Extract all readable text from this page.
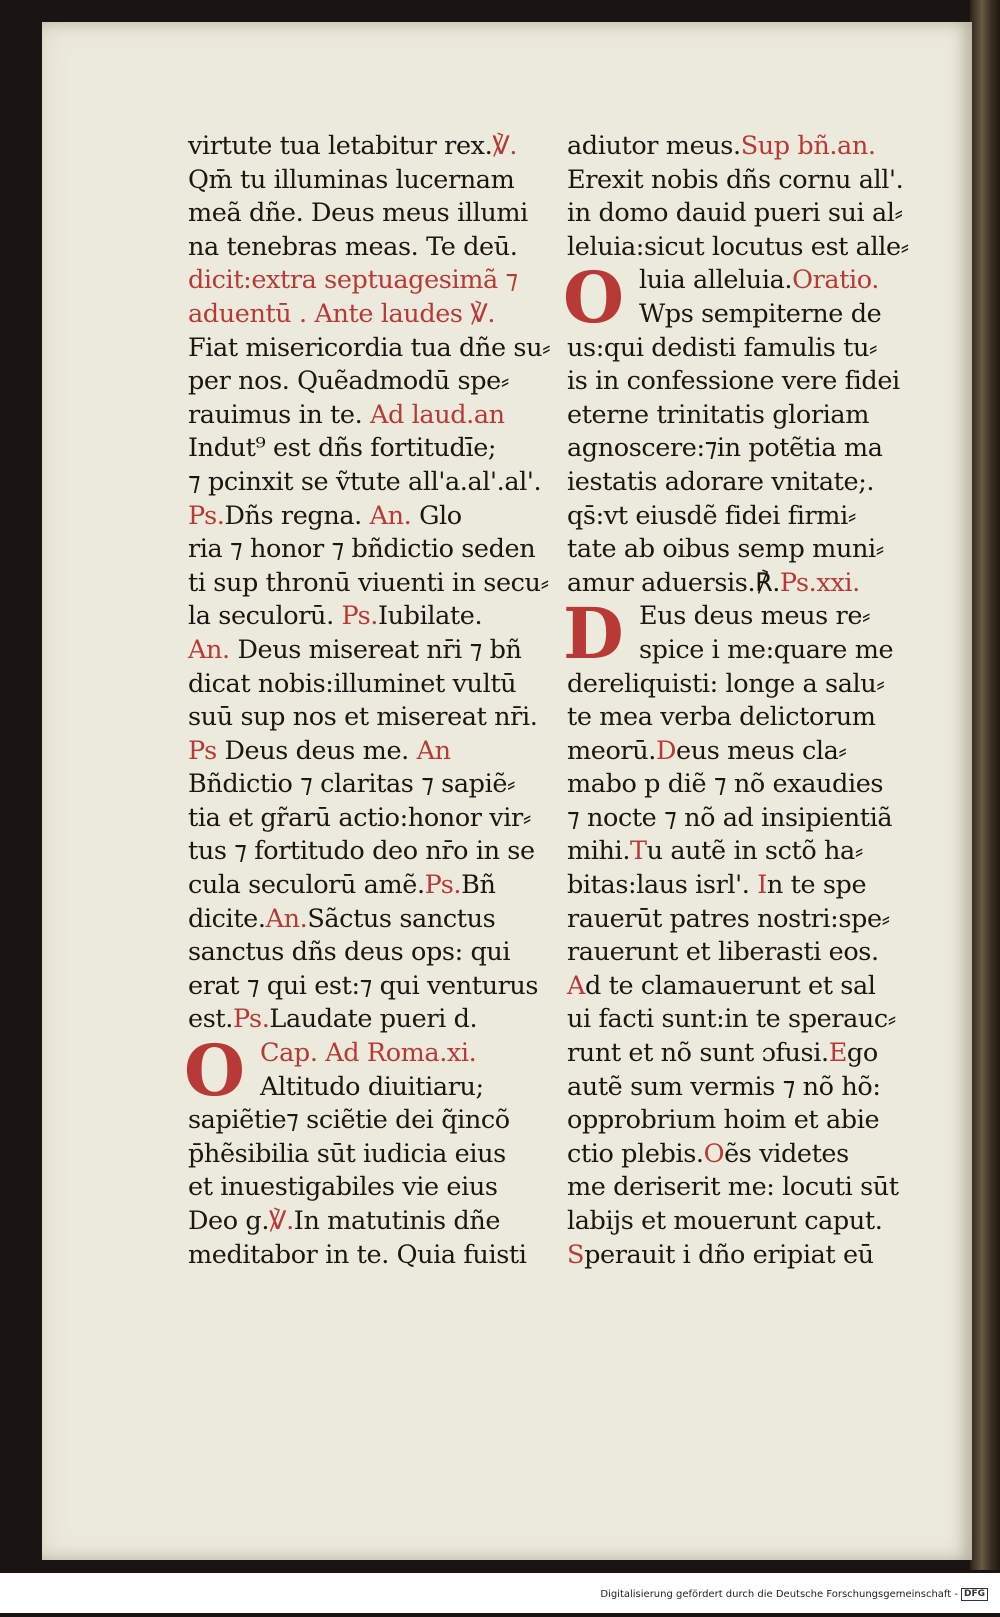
virtute tua letabitur rex.℣.
Qm̄ tu illuminas lucernam
meã dñe. Deus meus illumi
na tenebras meas. Te deū.
dicit:extra septuagesimã ⁊
aduentū . Ante laudes ℣.
Fiat misericordia tua dñe su⸗
per nos. Quẽadmodū spe⸗
rauimus in te. Ad laud.an
Indut⁹ est dñs fortitudīe;
⁊ pcinxit se ṽtute all'a.al'.al'.
Ps.Dñs regna. An. Glo
ria ⁊ honor ⁊ bñdictio seden
ti sup thronū viuenti in secu⸗
la seculorū. Ps.Iubilate.
An. Deus misereat nr̄i ⁊ bñ
dicat nobis:illuminet vultū
suū sup nos et misereat nr̄i.
Ps Deus deus me. An
Bñdictio ⁊ claritas ⁊ sapiẽ⸗
tia et gr̃arū actio:honor vir⸗
tus ⁊ fortitudo deo nr̄o in se
cula seculorū amẽ.Ps.Bñ
dicite.An.Sãctus sanctus
sanctus dñs deus ops: qui
erat ⁊ qui est:⁊ qui venturus
est.Ps.Laudate pueri d.
O Cap. Ad Roma.xi.
Altitudo diuitiaru;
sapiẽtie⁊ sciẽtie dei q̃incõ
p̄hẽsibilia sūt iudicia eius
et inuestigabiles vie eius
Deo g.℣.In matutinis dñe
meditabor in te. Quia fuisti
adiutor meus.Sup bñ.an.
Erexit nobis dñs cornu all'.
in domo dauid pueri sui al⸗
leluia:sicut locutus est alle⸗
O luia alleluia.Oratio.
Wps sempiterne de
us:qui dedisti famulis tu⸗
is in confessione vere fidei
eterne trinitatis gloriam
agnoscere:⁊in potẽtia ma
iestatis adorare vnitate;.
qs̄:vt eiusdẽ fidei firmi⸗
tate ab oibus semp muni⸗
amur aduersis.℟.Ps.xxi.
D Eus deus meus re⸗
spice i me:quare me
dereliquisti: longe a salu⸗
te mea verba delictorum
meorū.Deus meus cla⸗
mabo p diẽ ⁊ nõ exaudies
⁊ nocte ⁊ nõ ad insipientiã
mihi.Tu autẽ in sctõ ha⸗
bitas:laus isrl'. In te spe
rauerūt patres nostri:spe⸗
rauerunt et liberasti eos.
Ad te clamauerunt et sal
ui facti sunt:in te sperauc⸗
runt et nõ sunt ɔfusi.Ego
autẽ sum vermis ⁊ nõ hõ:
opprobrium hoim et abie
ctio plebis.Oẽs videtes
me deriserit me: locuti sūt
labijs et mouerunt caput.
Sperauit i dño eripiat eū
Digitalisierung gefördert durch die Deutsche Forschungsgemeinschaft - DFG
